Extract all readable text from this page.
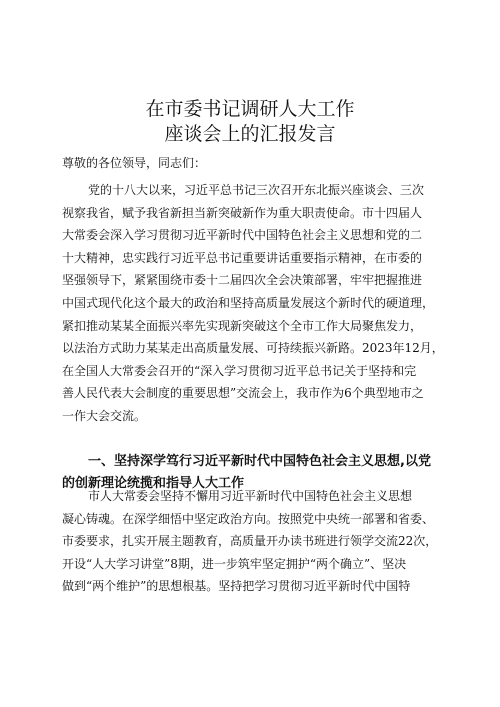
在市委书记调研人大工作
座谈会上的汇报发言
尊敬的各位领导，同志们：
党的十八大以来，习近平总书记三次召开东北振兴座谈会、三次
视察我省，赋予我省新担当新突破新作为重大职责使命。市十四届人
大常委会深入学习贯彻习近平新时代中国特色社会主义思想和党的二
十大精神，忠实践行习近平总书记重要讲话重要指示精神，在市委的
坚强领导下，紧紧围绕市委十二届四次全会决策部署，牢牢把握推进
中国式现代化这个最大的政治和坚持高质量发展这个新时代的硬道理，
紧扣推动某某全面振兴率先实现新突破这个全市工作大局聚焦发力，
以法治方式助力某某走出高质量发展、可持续振兴新路。2023年12月，
在全国人大常委会召开的“深入学习贯彻习近平总书记关于坚持和完
善人民代表大会制度的重要思想”交流会上，我市作为6个典型地市之
一作大会交流。
一、坚持深学笃行习近平新时代中国特色社会主义思想,以党
的创新理论统揽和指导人大工作
市人大常委会坚持不懈用习近平新时代中国特色社会主义思想
凝心铸魂。在深学细悟中坚定政治方向。按照党中央统一部署和省委、
市委要求，扎实开展主题教育，高质量开办读书班进行领学交流22次，
开设“人大学习讲堂”8期，进一步筑牢坚定拥护“两个确立”、坚决
做到“两个维护”的思想根基。坚持把学习贯彻习近平新时代中国特
